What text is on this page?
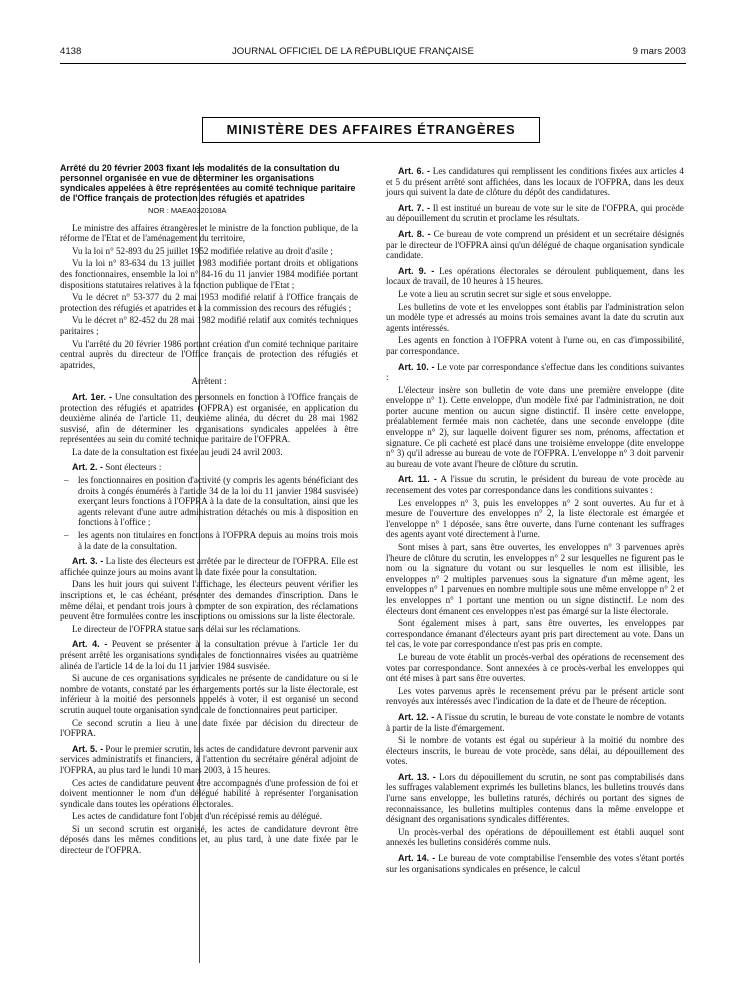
4138	JOURNAL OFFICIEL DE LA RÉPUBLIQUE FRANÇAISE	9 mars 2003
MINISTÈRE DES AFFAIRES ÉTRANGÈRES

Arrêté du 20 février 2003 fixant les modalités de la consultation du personnel organisée en vue de déterminer les organisations syndicales appelées à être représentées au comité technique paritaire de l'Office français de protection des réfugiés et apatrides

NOR : MAEA0320108A

Le ministre des affaires étrangères et le ministre de la fonction publique, de la réforme de l'Etat et de l'aménagement du territoire,

Vu la loi n° 52-893 du 25 juillet 1952 modifiée relative au droit d'asile ;

Vu la loi n° 83-634 du 13 juillet 1983 modifiée portant droits et obligations des fonctionnaires, ensemble la loi n° 84-16 du 11 janvier 1984 modifiée portant dispositions statutaires relatives à la fonction publique de l'Etat ;

Vu le décret n° 53-377 du 2 mai 1953 modifié relatif à l'Office français de protection des réfugiés et apatrides et à la commission des recours des réfugiés ;

Vu le décret n° 82-452 du 28 mai 1982 modifié relatif aux comités techniques paritaires ;

Vu l'arrêté du 20 février 1986 portant création d'un comité technique paritaire central auprès du directeur de l'Office français de protection des réfugiés et apatrides,

Arrêtent :

Art. 1er. - Une consultation des personnels en fonction à l'Office français de protection des réfugiés et apatrides (OFPRA) est organisée, en application du deuxième alinéa de l'article 11, deuxième alinéa, du décret du 28 mai 1982 susvisé, afin de déterminer les organisations syndicales appelées à être représentées au sein du comité technique paritaire de l'OFPRA.

La date de la consultation est fixée au jeudi 24 avril 2003.

Art. 2. - Sont électeurs :

– les fonctionnaires en position d'activité (y compris les agents bénéficiant des droits à congés énumérés à l'article 34 de la loi du 11 janvier 1984 susvisée) exerçant leurs fonctions à l'OFPRA à la date de la consultation, ainsi que les agents relevant d'une autre administration détachés ou mis à disposition en fonctions à l'office ;

– les agents non titulaires en fonctions à l'OFPRA depuis au moins trois mois à la date de la consultation.

Art. 3. - La liste des électeurs est arrêtée par le directeur de l'OFPRA. Elle est affichée quinze jours au moins avant la date fixée pour la consultation.

Dans les huit jours qui suivent l'affichage, les électeurs peuvent vérifier les inscriptions et, le cas échéant, présenter des demandes d'inscription. Dans le même délai, et pendant trois jours à compter de son expiration, des réclamations peuvent être formulées contre les inscriptions ou omissions sur la liste électorale.

Le directeur de l'OFPRA statue sans délai sur les réclamations.

Art. 4. - Peuvent se présenter à la consultation prévue à l'article 1er du présent arrêté les organisations syndicales de fonctionnaires visées au quatrième alinéa de l'article 14 de la loi du 11 janvier 1984 susvisée.

Si aucune de ces organisations syndicales ne présente de candidature ou si le nombre de votants, constaté par les émargements portés sur la liste électorale, est inférieur à la moitié des personnels appelés à voter, il est organisé un second scrutin auquel toute organisation syndicale de fonctionnaires peut participer.

Ce second scrutin a lieu à une date fixée par décision du directeur de l'OFPRA.

Art. 5. - Pour le premier scrutin, les actes de candidature devront parvenir aux services administratifs et financiers, à l'attention du secrétaire général adjoint de l'OFPRA, au plus tard le lundi 10 mars 2003, à 15 heures.

Ces actes de candidature peuvent être accompagnés d'une profession de foi et doivent mentionner le nom d'un délégué habilité à représenter l'organisation syndicale dans toutes les opérations électorales.

Les actes de candidature font l'objet d'un récépissé remis au délégué.

Si un second scrutin est organisé, les actes de candidature devront être déposés dans les mêmes conditions et, au plus tard, à une date fixée par le directeur de l'OFPRA.

Art. 6. - Les candidatures qui remplissent les conditions fixées aux articles 4 et 5 du présent arrêté sont affichées, dans les locaux de l'OFPRA, dans les deux jours qui suivent la date de clôture du dépôt des candidatures.

Art. 7. - Il est institué un bureau de vote sur le site de l'OFPRA, qui procède au dépouillement du scrutin et proclame les résultats.

Art. 8. - Ce bureau de vote comprend un président et un secrétaire désignés par le directeur de l'OFPRA ainsi qu'un délégué de chaque organisation syndicale candidate.

Art. 9. - Les opérations électorales se déroulent publiquement, dans les locaux de travail, de 10 heures à 15 heures.

Le vote a lieu au scrutin secret sur sigle et sous enveloppe.

Les bulletins de vote et les enveloppes sont établis par l'administration selon un modèle type et adressés au moins trois semaines avant la date du scrutin aux agents intéressés.

Les agents en fonction à l'OFPRA votent à l'urne ou, en cas d'impossibilité, par correspondance.

Art. 10. - Le vote par correspondance s'effectue dans les conditions suivantes :

L'électeur insère son bulletin de vote dans une première enveloppe (dite enveloppe n° 1). Cette enveloppe, d'un modèle fixé par l'administration, ne doit porter aucune mention ou aucun signe distinctif. Il insère cette enveloppe, préalablement fermée mais non cachetée, dans une seconde enveloppe (dite enveloppe n° 2), sur laquelle doivent figurer ses nom, prénoms, affectation et signature. Ce pli cacheté est placé dans une troisième enveloppe (dite enveloppe n° 3) qu'il adresse au bureau de vote de l'OFPRA. L'enveloppe n° 3 doit parvenir au bureau de vote avant l'heure de clôture du scrutin.

Art. 11. - A l'issue du scrutin, le président du bureau de vote procède au recensement des votes par correspondance dans les conditions suivantes :

Les enveloppes n° 3, puis les enveloppes n° 2 sont ouvertes. Au fur et à mesure de l'ouverture des enveloppes n° 2, la liste électorale est émargée et l'enveloppe n° 1 déposée, sans être ouverte, dans l'urne contenant les suffrages des agents ayant voté directement à l'urne.

Sont mises à part, sans être ouvertes, les enveloppes n° 3 parvenues après l'heure de clôture du scrutin, les enveloppes n° 2 sur lesquelles ne figurent pas le nom ou la signature du votant ou sur lesquelles le nom est illisible, les enveloppes n° 2 multiples parvenues sous la signature d'un même agent, les enveloppes n° 1 parvenues en nombre multiple sous une même enveloppe n° 2 et les enveloppes n° 1 portant une mention ou un signe distinctif. Le nom des électeurs dont émanent ces enveloppes n'est pas émargé sur la liste électorale.

Sont également mises à part, sans être ouvertes, les enveloppes par correspondance émanant d'électeurs ayant pris part directement au vote. Dans un tel cas, le vote par correspondance n'est pas pris en compte.

Le bureau de vote établit un procès-verbal des opérations de recensement des votes par correspondance. Sont annexées à ce procès-verbal les enveloppes qui ont été mises à part sans être ouvertes.

Les votes parvenus après le recensement prévu par le présent article sont renvoyés aux intéressés avec l'indication de la date et de l'heure de réception.

Art. 12. - A l'issue du scrutin, le bureau de vote constate le nombre de votants à partir de la liste d'émargement.

Si le nombre de votants est égal ou supérieur à la moitié du nombre des électeurs inscrits, le bureau de vote procède, sans délai, au dépouillement des votes.

Art. 13. - Lors du dépouillement du scrutin, ne sont pas comptabilisés dans les suffrages valablement exprimés les bulletins blancs, les bulletins trouvés dans l'urne sans enveloppe, les bulletins raturés, déchirés ou portant des signes de reconnaissance, les bulletins multiples contenus dans la même enveloppe et désignant des organisations syndicales différentes.

Un procès-verbal des opérations de dépouillement est établi auquel sont annexés les bulletins considérés comme nuls.

Art. 14. - Le bureau de vote comptabilise l'ensemble des votes s'étant portés sur les organisations syndicales en présence, le calcul
